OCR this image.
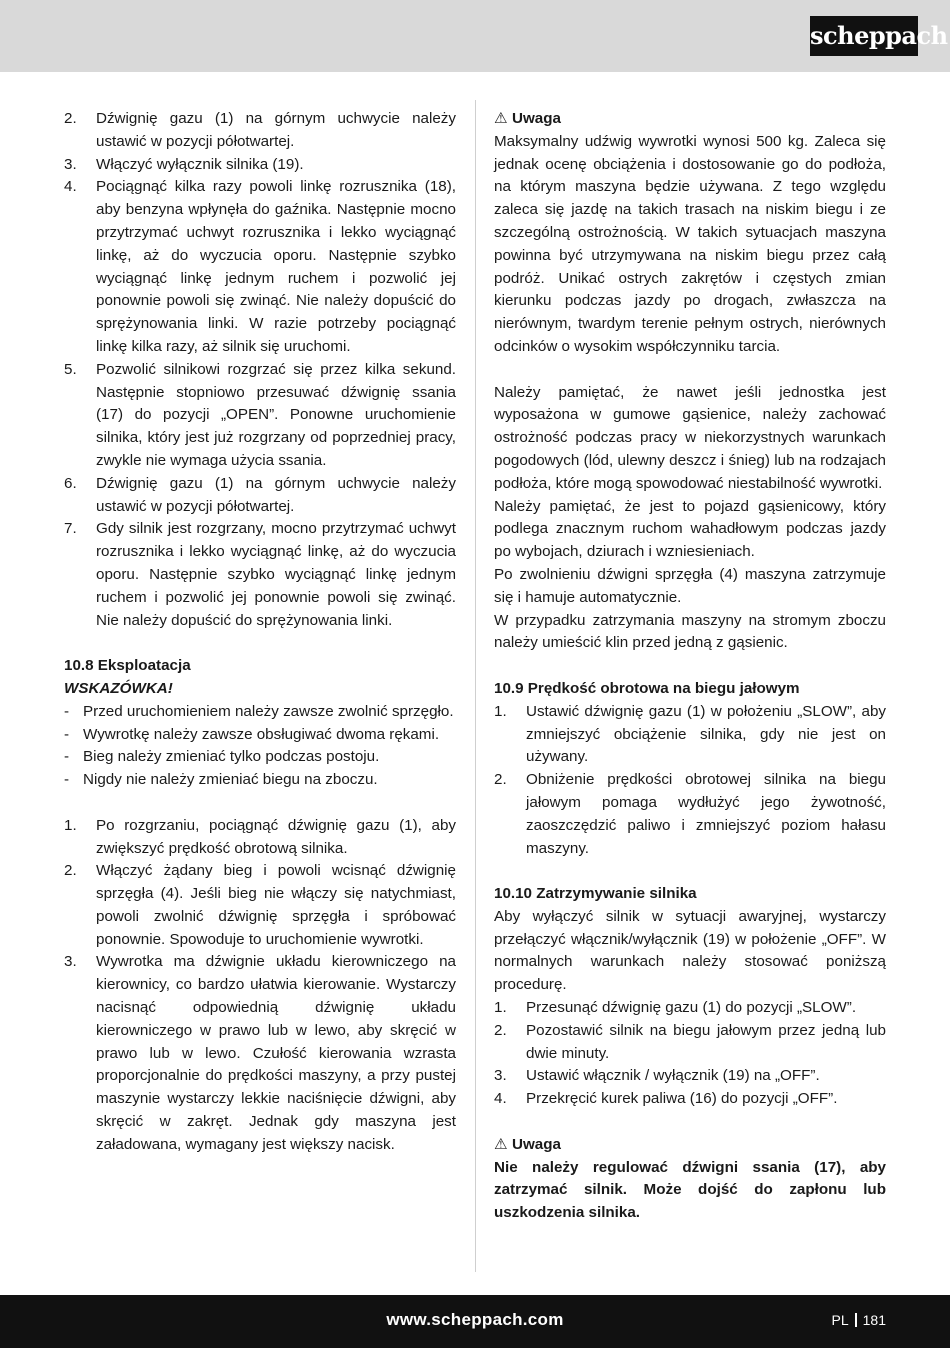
scheppach
2.	Dźwignię gazu (1) na górnym uchwycie należy ustawić w pozycji półotwartej.
3.	Włączyć wyłącznik silnika (19).
4.	Pociągnąć kilka razy powoli linkę rozrusznika (18), aby benzyna wpłynęła do gaźnika. Następnie mocno przytrzymać uchwyt rozrusznika i lekko wyciągnąć linkę, aż do wyczucia oporu. Następnie szybko wyciągnąć linkę jednym ruchem i pozwolić jej ponownie powoli się zwinąć. Nie należy dopuścić do sprężynowania linki. W razie potrzeby pociągnąć linkę kilka razy, aż silnik się uruchomi.
5.	Pozwolić silnikowi rozgrzać się przez kilka sekund. Następnie stopniowo przesuwać dźwignię ssania (17) do pozycji „OPEN”. Ponowne uruchomienie silnika, który jest już rozgrzany od poprzedniej pracy, zwykle nie wymaga użycia ssania.
6.	Dźwignię gazu (1) na górnym uchwycie należy ustawić w pozycji półotwartej.
7.	Gdy silnik jest rozgrzany, mocno przytrzymać uchwyt rozrusznika i lekko wyciągnąć linkę, aż do wyczucia oporu. Następnie szybko wyciągnąć linkę jednym ruchem i pozwolić jej ponownie powoli się zwinąć. Nie należy dopuścić do sprężynowania linki.
10.8 Eksploatacja
WSKAZÓWKA!
- Przed uruchomieniem należy zawsze zwolnić sprzęgło.
- Wywrotkę należy zawsze obsługiwać dwoma rękami.
- Bieg należy zmieniać tylko podczas postoju.
- Nigdy nie należy zmieniać biegu na zboczu.
1.	Po rozgrzaniu, pociągnąć dźwignię gazu (1), aby zwiększyć prędkość obrotową silnika.
2.	Włączyć żądany bieg i powoli wcisnąć dźwignię sprzęgła (4). Jeśli bieg nie włączy się natychmiast, powoli zwolnić dźwignię sprzęgła i spróbować ponownie. Spowoduje to uruchomienie wywrotki.
3.	Wywrotka ma dźwignie układu kierowniczego na kierownicy, co bardzo ułatwia kierowanie. Wystarczy nacisnąć odpowiednią dźwignię układu kierowniczego w prawo lub w lewo, aby skręcić w prawo lub w lewo. Czułość kierowania wzrasta proporcjonalnie do prędkości maszyny, a przy pustej maszynie wystarczy lekkie naciśnięcie dźwigni, aby skręcić w zakręt. Jednak gdy maszyna jest załadowana, wymagany jest większy nacisk.
⚠ Uwaga
Maksymalny udźwig wywrotki wynosi 500 kg. Zaleca się jednak ocenę obciążenia i dostosowanie go do podłoża, na którym maszyna będzie używana. Z tego względu zaleca się jazdę na takich trasach na niskim biegu i ze szczególną ostrożnością. W takich sytuacjach maszyna powinna być utrzymywana na niskim biegu przez całą podróż. Unikać ostrych zakrętów i częstych zmian kierunku podczas jazdy po drogach, zwłaszcza na nierównym, twardym terenie pełnym ostrych, nierównych odcinków o wysokim współczynniku tarcia.
Należy pamiętać, że nawet jeśli jednostka jest wyposażona w gumowe gąsienice, należy zachować ostrożność podczas pracy w niekorzystnych warunkach pogodowych (lód, ulewny deszcz i śnieg) lub na rodzajach podłoża, które mogą spowodować niestabilność wywrotki.
Należy pamiętać, że jest to pojazd gąsienicowy, który podlega znacznym ruchom wahadłowym podczas jazdy po wybojach, dziurach i wzniesieniach.
Po zwolnieniu dźwigni sprzęgła (4) maszyna zatrzymuje się i hamuje automatycznie.
W przypadku zatrzymania maszyny na stromym zboczu należy umieścić klin przed jedną z gąsienic.
10.9 Prędkość obrotowa na biegu jałowym
1.	Ustawić dźwignię gazu (1) w położeniu „SLOW”, aby zmniejszyć obciążenie silnika, gdy nie jest on używany.
2.	Obniżenie prędkości obrotowej silnika na biegu jałowym pomaga wydłużyć jego żywotność, zaoszczędzić paliwo i zmniejszyć poziom hałasu maszyny.
10.10 Zatrzymywanie silnika
Aby wyłączyć silnik w sytuacji awaryjnej, wystarczy przełączyć włącznik/wyłącznik (19) w położenie „OFF”. W normalnych warunkach należy stosować poniższą procedurę.
1.	Przesunąć dźwignię gazu (1) do pozycji „SLOW”.
2.	Pozostawić silnik na biegu jałowym przez jedną lub dwie minuty.
3.	Ustawić włącznik / wyłącznik (19) na „OFF”.
4.	Przekręcić kurek paliwa (16) do pozycji „OFF”.
⚠ Uwaga
Nie należy regulować dźwigni ssania (17), aby zatrzymać silnik. Może dojść do zapłonu lub uszkodzenia silnika.
www.scheppach.com	PL 181
